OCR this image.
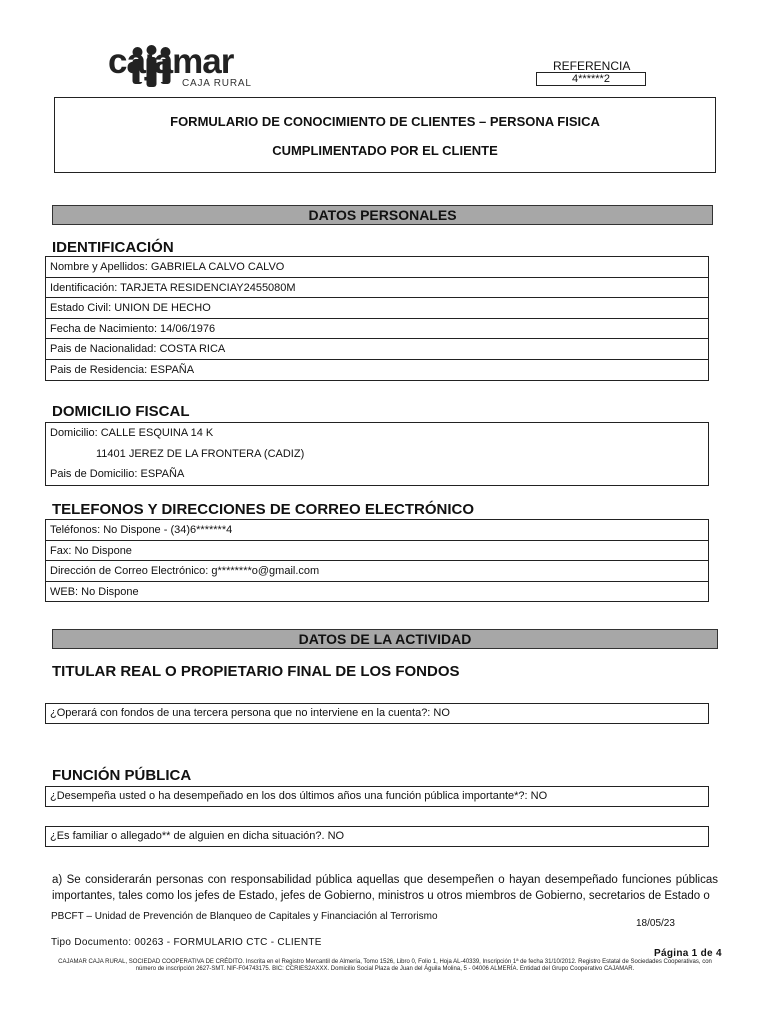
cajamar
CAJA RURAL
REFERENCIA
4******2
FORMULARIO DE CONOCIMIENTO DE CLIENTES – PERSONA FISICA
CUMPLIMENTADO POR EL CLIENTE
DATOS PERSONALES
IDENTIFICACIÓN
Nombre y Apellidos: GABRIELA CALVO CALVO
Identificación: TARJETA RESIDENCIAY2455080M
Estado Civil: UNION DE HECHO
Fecha de Nacimiento: 14/06/1976
Pais de Nacionalidad: COSTA RICA
Pais de Residencia: ESPAÑA
DOMICILIO FISCAL
Domicilio: CALLE ESQUINA 14 K
11401 JEREZ DE LA FRONTERA (CADIZ)
Pais de Domicilio: ESPAÑA
TELEFONOS Y DIRECCIONES DE CORREO ELECTRÓNICO
Teléfonos: No Dispone - (34)6*******4
Fax: No Dispone
Dirección de Correo Electrónico: g********o@gmail.com
WEB: No Dispone
DATOS DE LA ACTIVIDAD
TITULAR REAL O PROPIETARIO FINAL DE LOS FONDOS
¿Operará con fondos de una tercera persona que no interviene en la cuenta?: NO
FUNCIÓN PÚBLICA
¿Desempeña usted o ha desempeñado en los dos últimos años una función pública importante*?: NO
¿Es familiar o allegado** de alguien en dicha situación?. NO
a) Se considerarán personas con responsabilidad pública aquellas que desempeñen o hayan desempeñado funciones públicas importantes, tales como los jefes de Estado, jefes de Gobierno, ministros u otros miembros de Gobierno, secretarios de Estado o
PBCFT – Unidad de Prevención de Blanqueo de Capitales y Financiación al Terrorismo
18/05/23
Tipo Documento: 00263 - FORMULARIO CTC - CLIENTE
Página 1 de 4
CAJAMAR CAJA RURAL, SOCIEDAD COOPERATIVA DE CRÉDITO. Inscrita en el Registro Mercantil de Almería, Tomo 1526, Libro 0, Folio 1, Hoja AL-40339, Inscripción 1ª de fecha 31/10/2012. Registro Estatal de Sociedades Cooperativas, con número de inscripción 2627-SMT. NIF-F04743175. BIC: CCRIES2AXXX. Domicilio Social Plaza de Juan del Águila Molina, 5 - 04006 ALMERÍA. Entidad del Grupo Cooperativo CAJAMAR.
